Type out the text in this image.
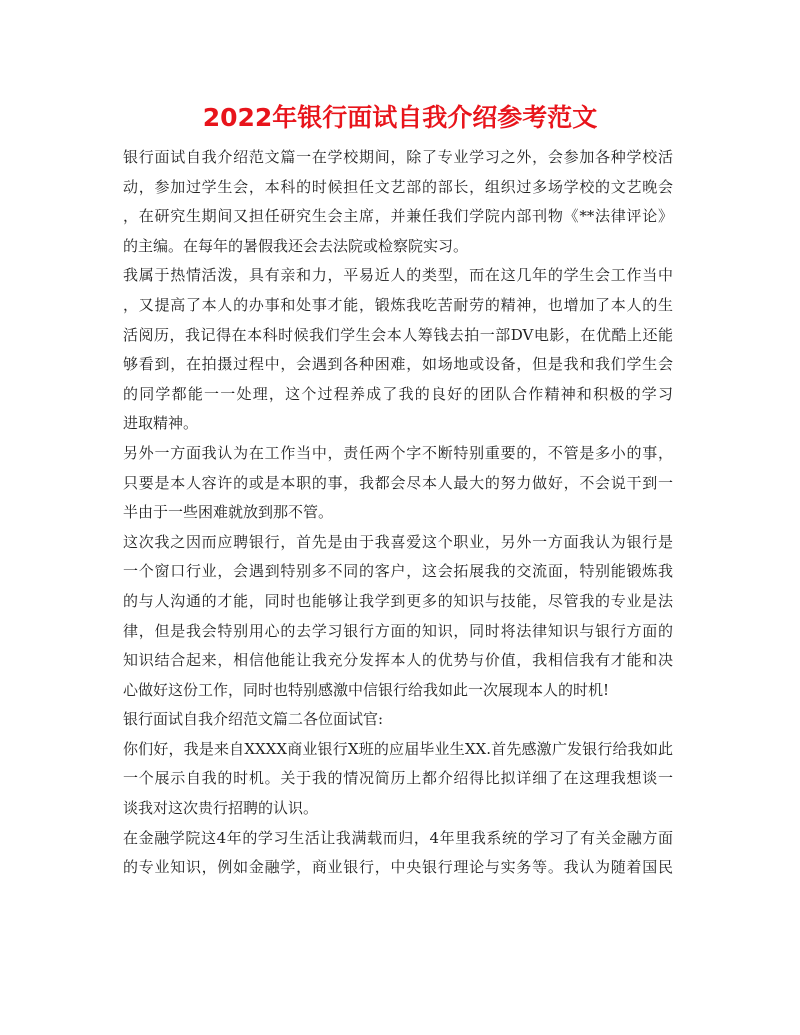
2022年银行面试自我介绍参考范文
银行面试自我介绍范文篇一在学校期间，除了专业学习之外，会参加各种学校活
动，参加过学生会，本科的时候担任文艺部的部长，组织过多场学校的文艺晚会
，在研究生期间又担任研究生会主席，并兼任我们学院内部刊物《**法律评论》
的主编。在每年的暑假我还会去法院或检察院实习。
我属于热情活泼，具有亲和力，平易近人的类型，而在这几年的学生会工作当中
，又提高了本人的办事和处事才能，锻炼我吃苦耐劳的精神，也增加了本人的生
活阅历，我记得在本科时候我们学生会本人筹钱去拍一部DV电影，在优酷上还能
够看到，在拍摄过程中，会遇到各种困难，如场地或设备，但是我和我们学生会
的同学都能一一处理，这个过程养成了我的良好的团队合作精神和积极的学习
进取精神。
另外一方面我认为在工作当中，责任两个字不断特别重要的，不管是多小的事，
只要是本人容许的或是本职的事，我都会尽本人最大的努力做好，不会说干到一
半由于一些困难就放到那不管。
这次我之因而应聘银行，首先是由于我喜爱这个职业，另外一方面我认为银行是
一个窗口行业，会遇到特别多不同的客户，这会拓展我的交流面，特别能锻炼我
的与人沟通的才能，同时也能够让我学到更多的知识与技能，尽管我的专业是法
律，但是我会特别用心的去学习银行方面的知识，同时将法律知识与银行方面的
知识结合起来，相信他能让我充分发挥本人的优势与价值，我相信我有才能和决
心做好这份工作，同时也特别感激中信银行给我如此一次展现本人的时机!
银行面试自我介绍范文篇二各位面试官:
你们好，我是来自XXXX商业银行X班的应届毕业生XX.首先感激广发银行给我如此
一个展示自我的时机。关于我的情况简历上都介绍得比拟详细了在这理我想谈一
谈我对这次贵行招聘的认识。
在金融学院这4年的学习生活让我满载而归，4年里我系统的学习了有关金融方面
的专业知识，例如金融学，商业银行，中央银行理论与实务等。我认为随着国民
